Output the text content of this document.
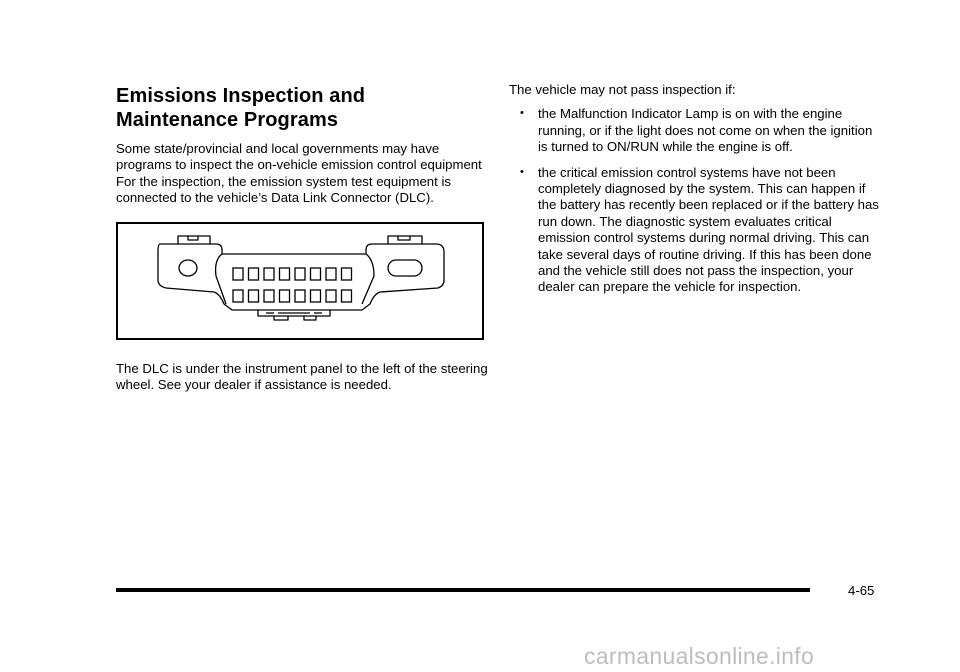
Emissions Inspection and Maintenance Programs

Some state/provincial and local governments may have programs to inspect the on-vehicle emission control equipment For the inspection, the emission system test equipment is connected to the vehicle’s Data Link Connector (DLC).

The DLC is under the instrument panel to the left of the steering wheel. See your dealer if assistance is needed.

The vehicle may not pass inspection if:

• the Malfunction Indicator Lamp is on with the engine running, or if the light does not come on when the ignition is turned to ON/RUN while the engine is off.
• the critical emission control systems have not been completely diagnosed by the system. This can happen if the battery has recently been replaced or if the battery has run down. The diagnostic system evaluates critical emission control systems during normal driving. This can take several days of routine driving. If this has been done and the vehicle still does not pass the inspection, your dealer can prepare the vehicle for inspection.
4-65
carmanualsonline.info
